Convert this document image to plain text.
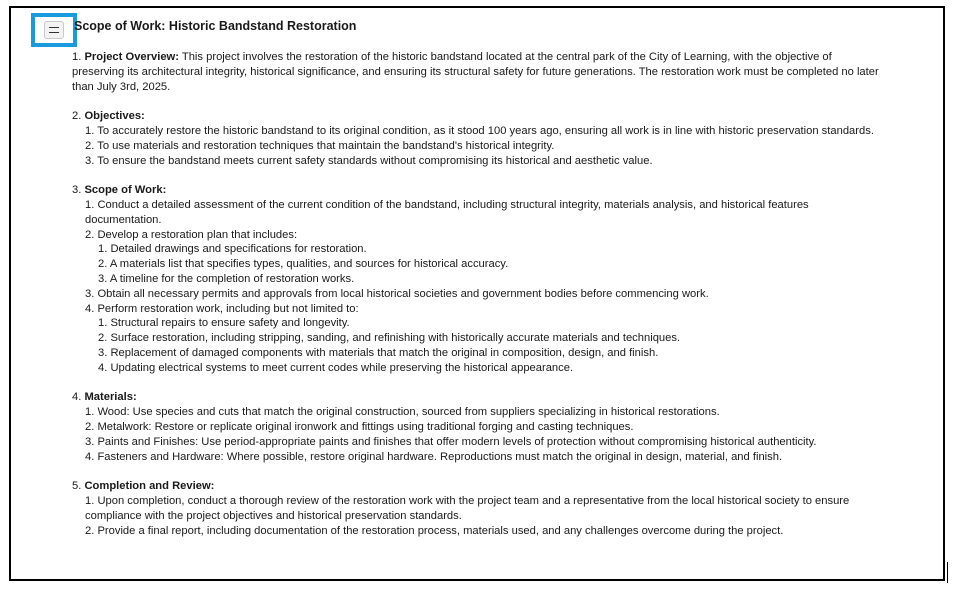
Scope of Work: Historic Bandstand Restoration
1. Project Overview: This project involves the restoration of the historic bandstand located at the central park of the City of Learning, with the objective of preserving its architectural integrity, historical significance, and ensuring its structural safety for future generations. The restoration work must be completed no later than July 3rd, 2025.
2. Objectives:
1. To accurately restore the historic bandstand to its original condition, as it stood 100 years ago, ensuring all work is in line with historic preservation standards.
2. To use materials and restoration techniques that maintain the bandstand's historical integrity.
3. To ensure the bandstand meets current safety standards without compromising its historical and aesthetic value.
3. Scope of Work:
1. Conduct a detailed assessment of the current condition of the bandstand, including structural integrity, materials analysis, and historical features documentation.
2. Develop a restoration plan that includes:
1. Detailed drawings and specifications for restoration.
2. A materials list that specifies types, qualities, and sources for historical accuracy.
3. A timeline for the completion of restoration works.
3. Obtain all necessary permits and approvals from local historical societies and government bodies before commencing work.
4. Perform restoration work, including but not limited to:
1. Structural repairs to ensure safety and longevity.
2. Surface restoration, including stripping, sanding, and refinishing with historically accurate materials and techniques.
3. Replacement of damaged components with materials that match the original in composition, design, and finish.
4. Updating electrical systems to meet current codes while preserving the historical appearance.
4. Materials:
1. Wood: Use species and cuts that match the original construction, sourced from suppliers specializing in historical restorations.
2. Metalwork: Restore or replicate original ironwork and fittings using traditional forging and casting techniques.
3. Paints and Finishes: Use period-appropriate paints and finishes that offer modern levels of protection without compromising historical authenticity.
4. Fasteners and Hardware: Where possible, restore original hardware. Reproductions must match the original in design, material, and finish.
5. Completion and Review:
1. Upon completion, conduct a thorough review of the restoration work with the project team and a representative from the local historical society to ensure compliance with the project objectives and historical preservation standards.
2. Provide a final report, including documentation of the restoration process, materials used, and any challenges overcome during the project.
